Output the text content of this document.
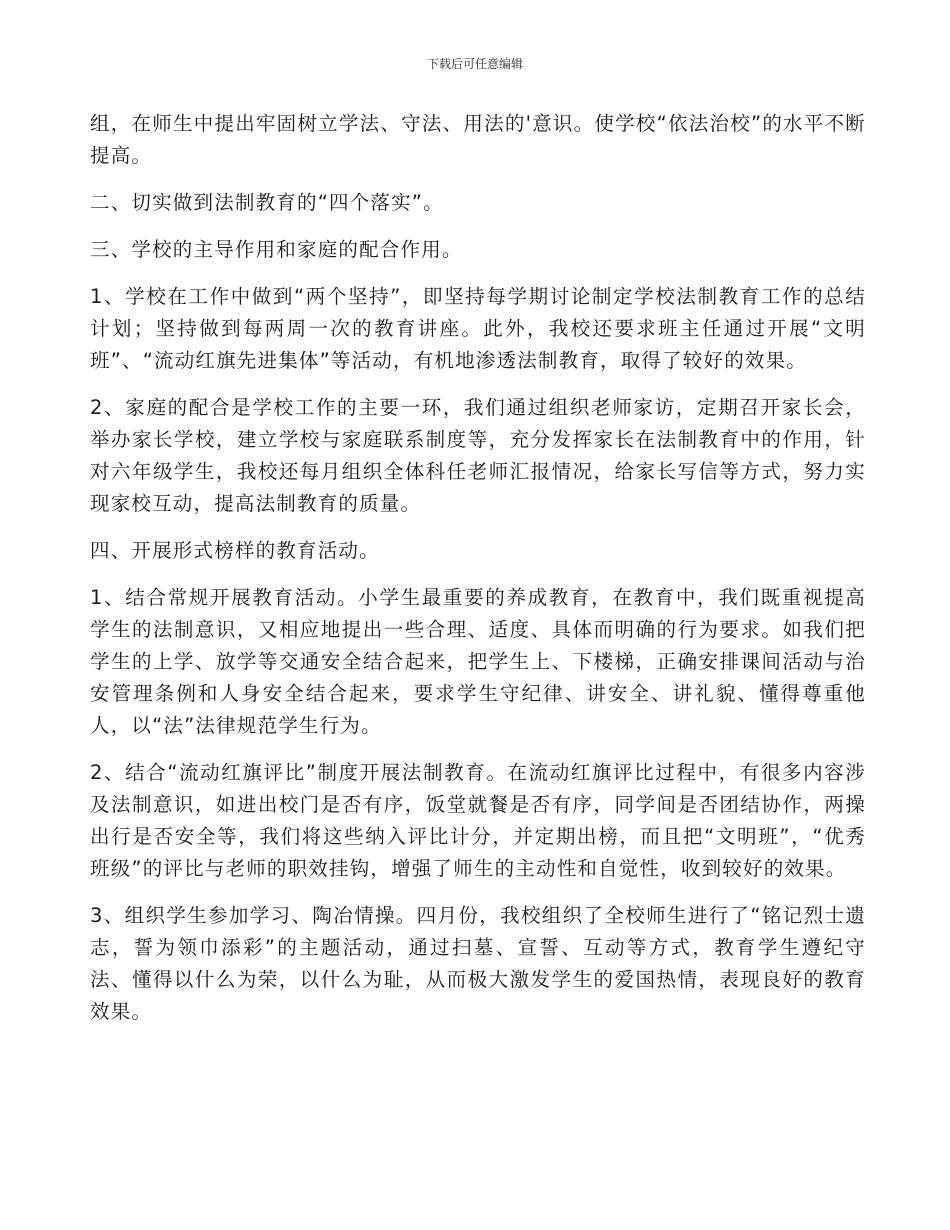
下载后可任意编辑

组，在师生中提出牢固树立学法、守法、用法的'意识。使学校“依法治校”的水平不断提高。

二、切实做到法制教育的“四个落实”。

三、学校的主导作用和家庭的配合作用。

1、学校在工作中做到“两个坚持”，即坚持每学期讨论制定学校法制教育工作的总结计划；坚持做到每两周一次的教育讲座。此外，我校还要求班主任通过开展“文明班”、“流动红旗先进集体”等活动，有机地渗透法制教育，取得了较好的效果。

2、家庭的配合是学校工作的主要一环，我们通过组织老师家访，定期召开家长会，举办家长学校，建立学校与家庭联系制度等，充分发挥家长在法制教育中的作用，针对六年级学生，我校还每月组织全体科任老师汇报情况，给家长写信等方式，努力实现家校互动，提高法制教育的质量。

四、开展形式榜样的教育活动。

1、结合常规开展教育活动。小学生最重要的养成教育，在教育中，我们既重视提高学生的法制意识，又相应地提出一些合理、适度、具体而明确的行为要求。如我们把学生的上学、放学等交通安全结合起来，把学生上、下楼梯，正确安排课间活动与治安管理条例和人身安全结合起来，要求学生守纪律、讲安全、讲礼貌、懂得尊重他人，以“法”法律规范学生行为。

2、结合“流动红旗评比”制度开展法制教育。在流动红旗评比过程中，有很多内容涉及法制意识，如进出校门是否有序，饭堂就餐是否有序，同学间是否团结协作，两操出行是否安全等，我们将这些纳入评比计分，并定期出榜，而且把“文明班”，“优秀班级”的评比与老师的职效挂钩，增强了师生的主动性和自觉性，收到较好的效果。

3、组织学生参加学习、陶冶情操。四月份，我校组织了全校师生进行了“铭记烈士遗志，誓为领巾添彩”的主题活动，通过扫墓、宣誓、互动等方式，教育学生遵纪守法、懂得以什么为荣，以什么为耻，从而极大激发学生的爱国热情，表现良好的教育效果。
